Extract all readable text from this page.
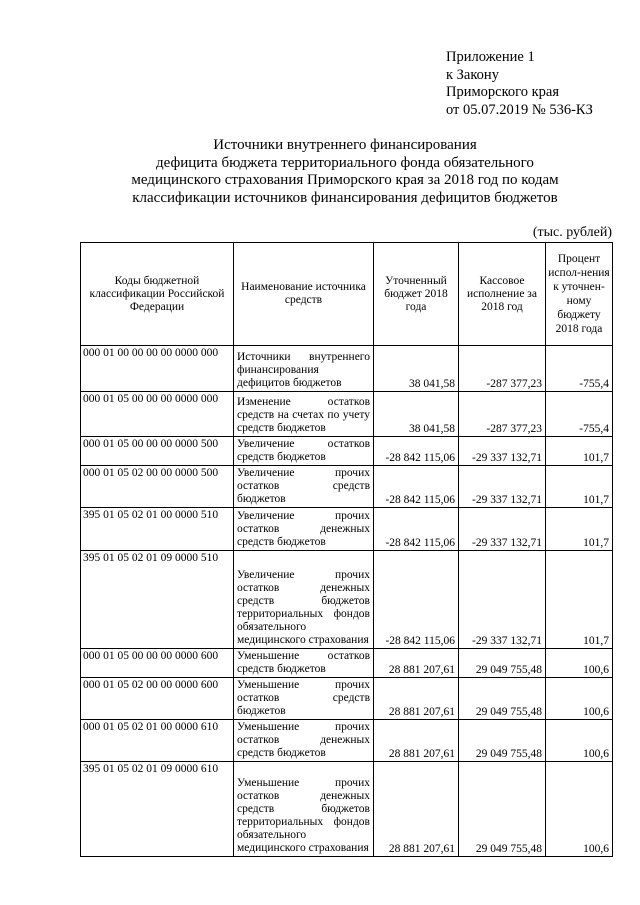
Приложение 1
к Закону
Приморского края
от 05.07.2019 № 536-КЗ
Источники внутреннего финансирования
дефицита бюджета территориального фонда обязательного
медицинского страхования Приморского края за 2018 год по кодам
классификации источников финансирования дефицитов бюджетов
(тыс. рублей)
Коды бюджетной классификации Российской Федерации	Наименование источника средств	Уточненный бюджет 2018 года	Кассовое исполнение за 2018 год	Процент испол-нения к уточнен-ному бюджету 2018 года
000 01 00 00 00 00 0000 000	Источники внутреннего финансирования дефицитов бюджетов	38 041,58	-287 377,23	-755,4
000 01 05 00 00 00 0000 000	Изменение остатков средств на счетах по учету средств бюджетов	38 041,58	-287 377,23	-755,4
000 01 05 00 00 00 0000 500	Увеличение остатков средств бюджетов	-28 842 115,06	-29 337 132,71	101,7
000 01 05 02 00 00 0000 500	Увеличение прочих остатков средств бюджетов	-28 842 115,06	-29 337 132,71	101,7
395 01 05 02 01 00 0000 510	Увеличение прочих остатков денежных средств бюджетов	-28 842 115,06	-29 337 132,71	101,7
395 01 05 02 01 09 0000 510	Увеличение прочих остатков денежных средств бюджетов территориальных фондов обязательного медицинского страхования	-28 842 115,06	-29 337 132,71	101,7
000 01 05 00 00 00 0000 600	Уменьшение остатков средств бюджетов	28 881 207,61	29 049 755,48	100,6
000 01 05 02 00 00 0000 600	Уменьшение прочих остатков средств бюджетов	28 881 207,61	29 049 755,48	100,6
000 01 05 02 01 00 0000 610	Уменьшение прочих остатков денежных средств бюджетов	28 881 207,61	29 049 755,48	100,6
395 01 05 02 01 09 0000 610	Уменьшение прочих остатков денежных средств бюджетов территориальных фондов обязательного медицинского страхования	28 881 207,61	29 049 755,48	100,6
